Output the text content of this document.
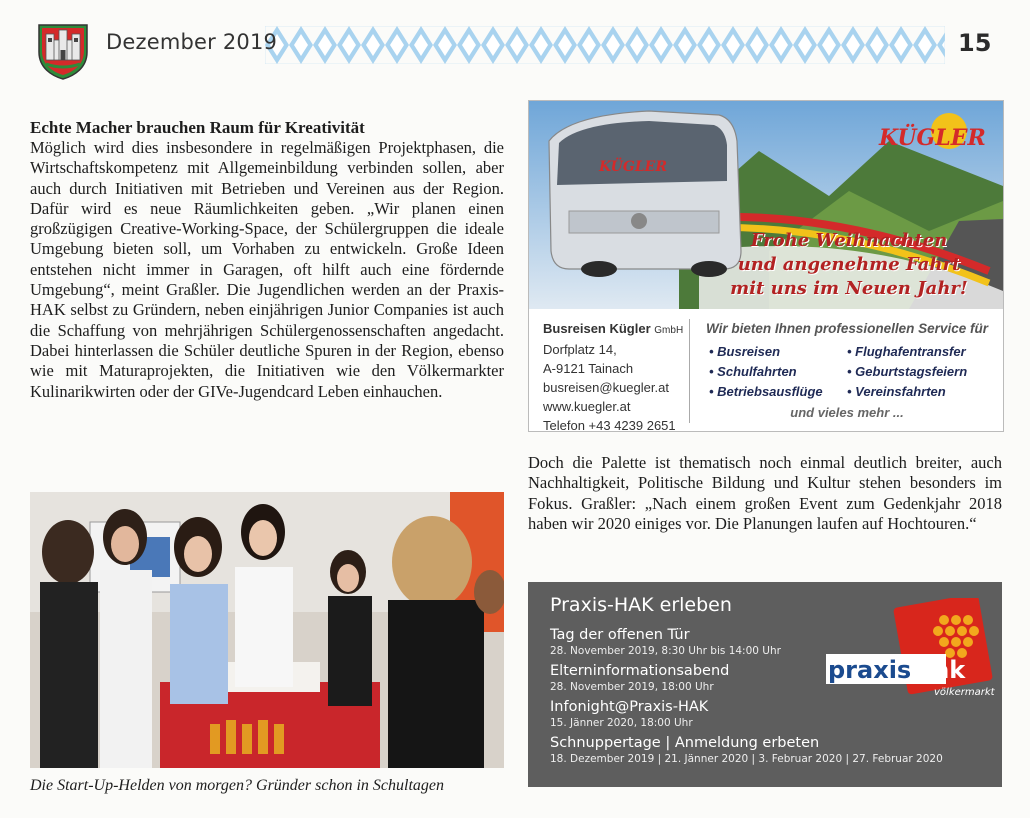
Dezember 2019	15
Echte Macher brauchen Raum für Kreativität

Möglich wird dies insbesondere in regelmäßigen Projektphasen, die Wirtschaftskompetenz mit Allgemeinbildung verbinden sollen, aber auch durch Initiativen mit Betrieben und Vereinen aus der Region. Dafür wird es neue Räumlichkeiten geben. „Wir planen einen großzügigen Creative-Working-Space, der Schülergruppen die ideale Umgebung bieten soll, um Vorhaben zu entwickeln. Große Ideen entstehen nicht immer in Garagen, oft hilft auch eine fördernde Umgebung“, meint Graßler. Die Jugendlichen werden an der Praxis-HAK selbst zu Gründern, neben einjährigen Junior Companies ist auch die Schaffung von mehrjährigen Schülergenossenschaften angedacht. Dabei hinterlassen die Schüler deutliche Spuren in der Region, ebenso wie mit Maturaprojekten, die Initiativen wie den Völkermarkter Kulinarikwirten oder der GIVe-Jugendcard Leben einhauchen.

Die Start-Up-Helden von morgen? Gründer schon in Schultagen
KÜGLER
KÜGLER
Frohe Weihnachten
und angenehme Fahrt
mit uns im Neuen Jahr!
Busreisen Kügler GmbH
Dorfplatz 14,
A-9121 Tainach
busreisen@kuegler.at
www.kuegler.at
Telefon +43 4239 2651
Wir bieten Ihnen professionellen Service für
• Busreisen	• Flughafentransfer
• Schulfahrten	• Geburtstagsfeiern
• Betriebsausflüge	• Vereinsfahrten
und vieles mehr ...

Doch die Palette ist thematisch noch einmal deutlich breiter, auch Nachhaltigkeit, Politische Bildung und Kultur stehen besonders im Fokus. Graßler: „Nach einem großen Event zum Gedenkjahr 2018 haben wir 2020 einiges vor. Die Planungen laufen auf Hochtouren.“

Praxis-HAK erleben
Tag der offenen Tür
28. November 2019, 8:30 Uhr bis 14:00 Uhr
Elterninformationsabend
28. November 2019, 18:00 Uhr
Infonight@Praxis-HAK
15. Jänner 2020, 18:00 Uhr
Schnuppertage | Anmeldung erbeten
18. Dezember 2019 | 21. Jänner 2020 | 3. Februar 2020 | 27. Februar 2020
praxis hak
völkermarkt
